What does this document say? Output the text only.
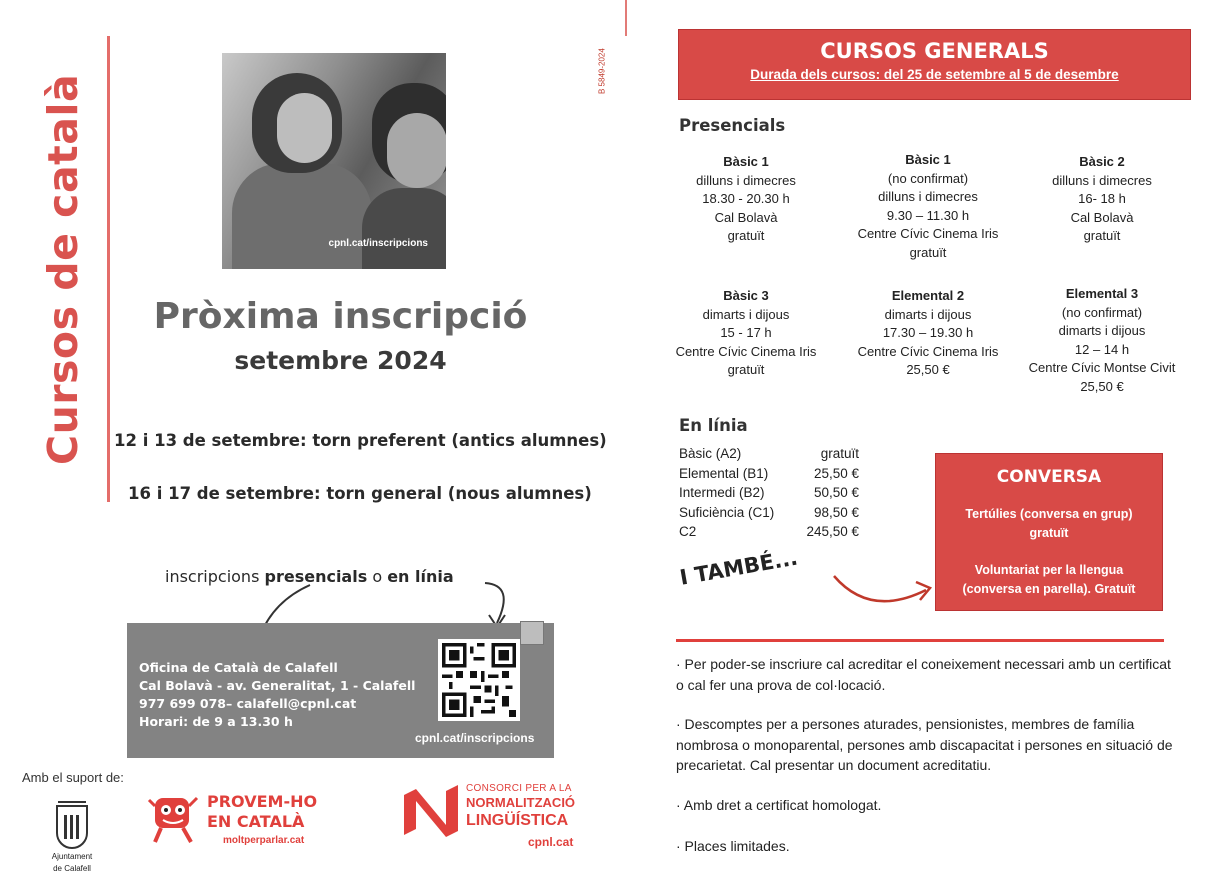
Cursos de català	cpnl.cat/inscripcions
B 5849-2024
Pròxima inscripció
setembre 2024
12 i 13 de setembre: torn preferent (antics alumnes)
16 i 17 de setembre: torn general (nous alumnes)
inscripcions presencials o en línia
Oficina de Català de Calafell
Cal Bolavà - av. Generalitat, 1 - Calafell
977 699 078– calafell@cpnl.cat
Horari: de 9 a 13.30 h
cpnl.cat/inscripcions
Amb el suport de:
Ajuntament
de Calafell
PROVEM-HO
EN CATALÀ
moltperparlar.cat
CONSORCI PER A LA
NORMALITZACIÓ
LINGÜÍSTICA
cpnl.cat
CURSOS GENERALS
Durada dels cursos: del 25 de setembre al 5 de desembre
Presencials
Bàsic 1
dilluns i dimecres
18.30 - 20.30 h
Cal Bolavà
gratuït
Bàsic 1
(no confirmat)
dilluns i dimecres
9.30 – 11.30 h
Centre Cívic Cinema Iris
gratuït
Bàsic 2
dilluns i dimecres
16- 18 h
Cal Bolavà
gratuït
Bàsic 3
dimarts i dijous
15 - 17 h
Centre Cívic Cinema Iris
gratuït
Elemental 2
dimarts i dijous
17.30 – 19.30 h
Centre Cívic Cinema Iris
25,50 €
Elemental 3
(no confirmat)
dimarts i dijous
12 – 14 h
Centre Cívic Montse Civit
25,50 €
En línia
Bàsic (A2)	gratuït
Elemental (B1)	25,50 €
Intermedi (B2)	50,50 €
Suficiència (C1)	98,50 €
C2	245,50 €
I TAMBÉ...
CONVERSA
Tertúlies (conversa en grup)
gratuït
Voluntariat per la llengua
(conversa en parella). Gratuït
· Per poder-se inscriure cal acreditar el coneixement necessari amb un certificat o cal fer una prova de col·locació.
· Descomptes per a persones aturades, pensionistes, membres de família nombrosa o monoparental, persones amb discapacitat i persones en situació de precarietat. Cal presentar un document acreditatiu.
· Amb dret a certificat homologat.
· Places limitades.
